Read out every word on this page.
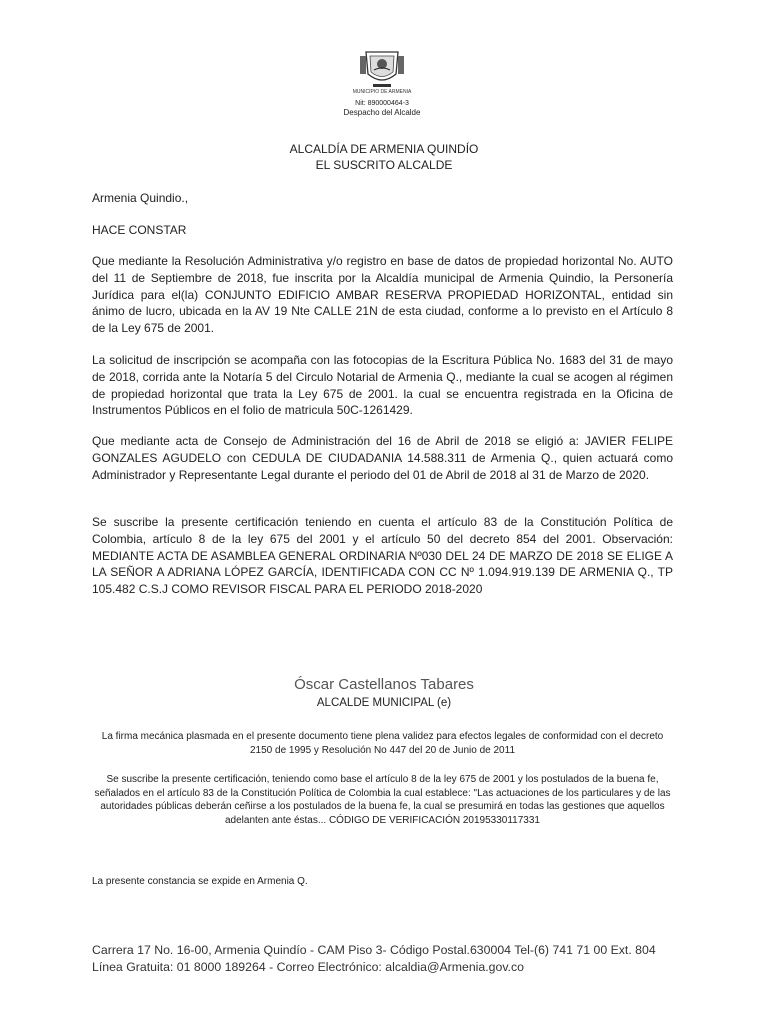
MUNICIPIO DE ARMENIA
Nit: 890000464-3
Despacho del Alcalde
ALCALDÍA DE ARMENIA QUINDÍO
EL SUSCRITO ALCALDE
Armenia Quindio.,
HACE CONSTAR
Que mediante la Resolución Administrativa y/o registro en base de datos de propiedad horizontal No. AUTO del 11 de Septiembre de 2018, fue inscrita por la Alcaldía municipal de Armenia Quindio, la Personería Jurídica para el(la) CONJUNTO EDIFICIO AMBAR RESERVA PROPIEDAD HORIZONTAL, entidad sin ánimo de lucro, ubicada en la AV 19 Nte CALLE 21N de esta ciudad, conforme a lo previsto en el Artículo 8 de la Ley 675 de 2001.
La solicitud de inscripción se acompaña con las fotocopias de la Escritura Pública No. 1683 del 31 de mayo de 2018, corrida ante la Notaría 5 del Circulo Notarial de Armenia Q., mediante la cual se acogen al régimen de propiedad horizontal que trata la Ley 675 de 2001. la cual se encuentra registrada en la Oficina de Instrumentos Públicos en el folio de matricula 50C-1261429.
Que mediante acta de Consejo de Administración del 16 de Abril de 2018 se eligió a: JAVIER FELIPE GONZALES AGUDELO con CEDULA DE CIUDADANIA 14.588.311 de Armenia Q., quien actuará como Administrador y Representante Legal durante el periodo del 01 de Abril de 2018 al 31 de Marzo de 2020.
Se suscribe la presente certificación teniendo en cuenta el artículo 83 de la Constitución Política de Colombia, artículo 8 de la ley 675 del 2001 y el artículo 50 del decreto 854 del 2001. Observación: MEDIANTE ACTA DE ASAMBLEA GENERAL ORDINARIA Nº030 DEL 24 DE MARZO DE 2018 SE ELIGE A LA SEÑOR A ADRIANA LÓPEZ GARCÍA, IDENTIFICADA CON CC Nº 1.094.919.139 DE ARMENIA Q., TP 105.482 C.S.J COMO REVISOR FISCAL PARA EL PERIODO 2018-2020
Óscar Castellanos Tabares
ALCALDE MUNICIPAL (e)
La firma mecánica plasmada en el presente documento tiene plena validez para efectos legales de conformidad con el decreto 2150 de 1995 y Resolución No 447 del 20 de Junio de 2011
Se suscribe la presente certificación, teniendo como base el artículo 8 de la ley 675 de 2001 y los postulados de la buena fe, señalados en el artículo 83 de la Constitución Política de Colombia la cual establece: "Las actuaciones de los particulares y de las autoridades públicas deberán ceñirse a los postulados de la buena fe, la cual se presumirá en todas las gestiones que aquellos adelanten ante éstas... CÓDIGO DE VERIFICACIÓN 20195330117331
La presente constancia se expide en Armenia Q.
Carrera 17 No. 16-00, Armenia Quindío - CAM Piso 3- Código Postal.630004 Tel-(6) 741 71 00 Ext. 804 Línea Gratuita: 01 8000 189264 - Correo Electrónico: alcaldia@Armenia.gov.co
